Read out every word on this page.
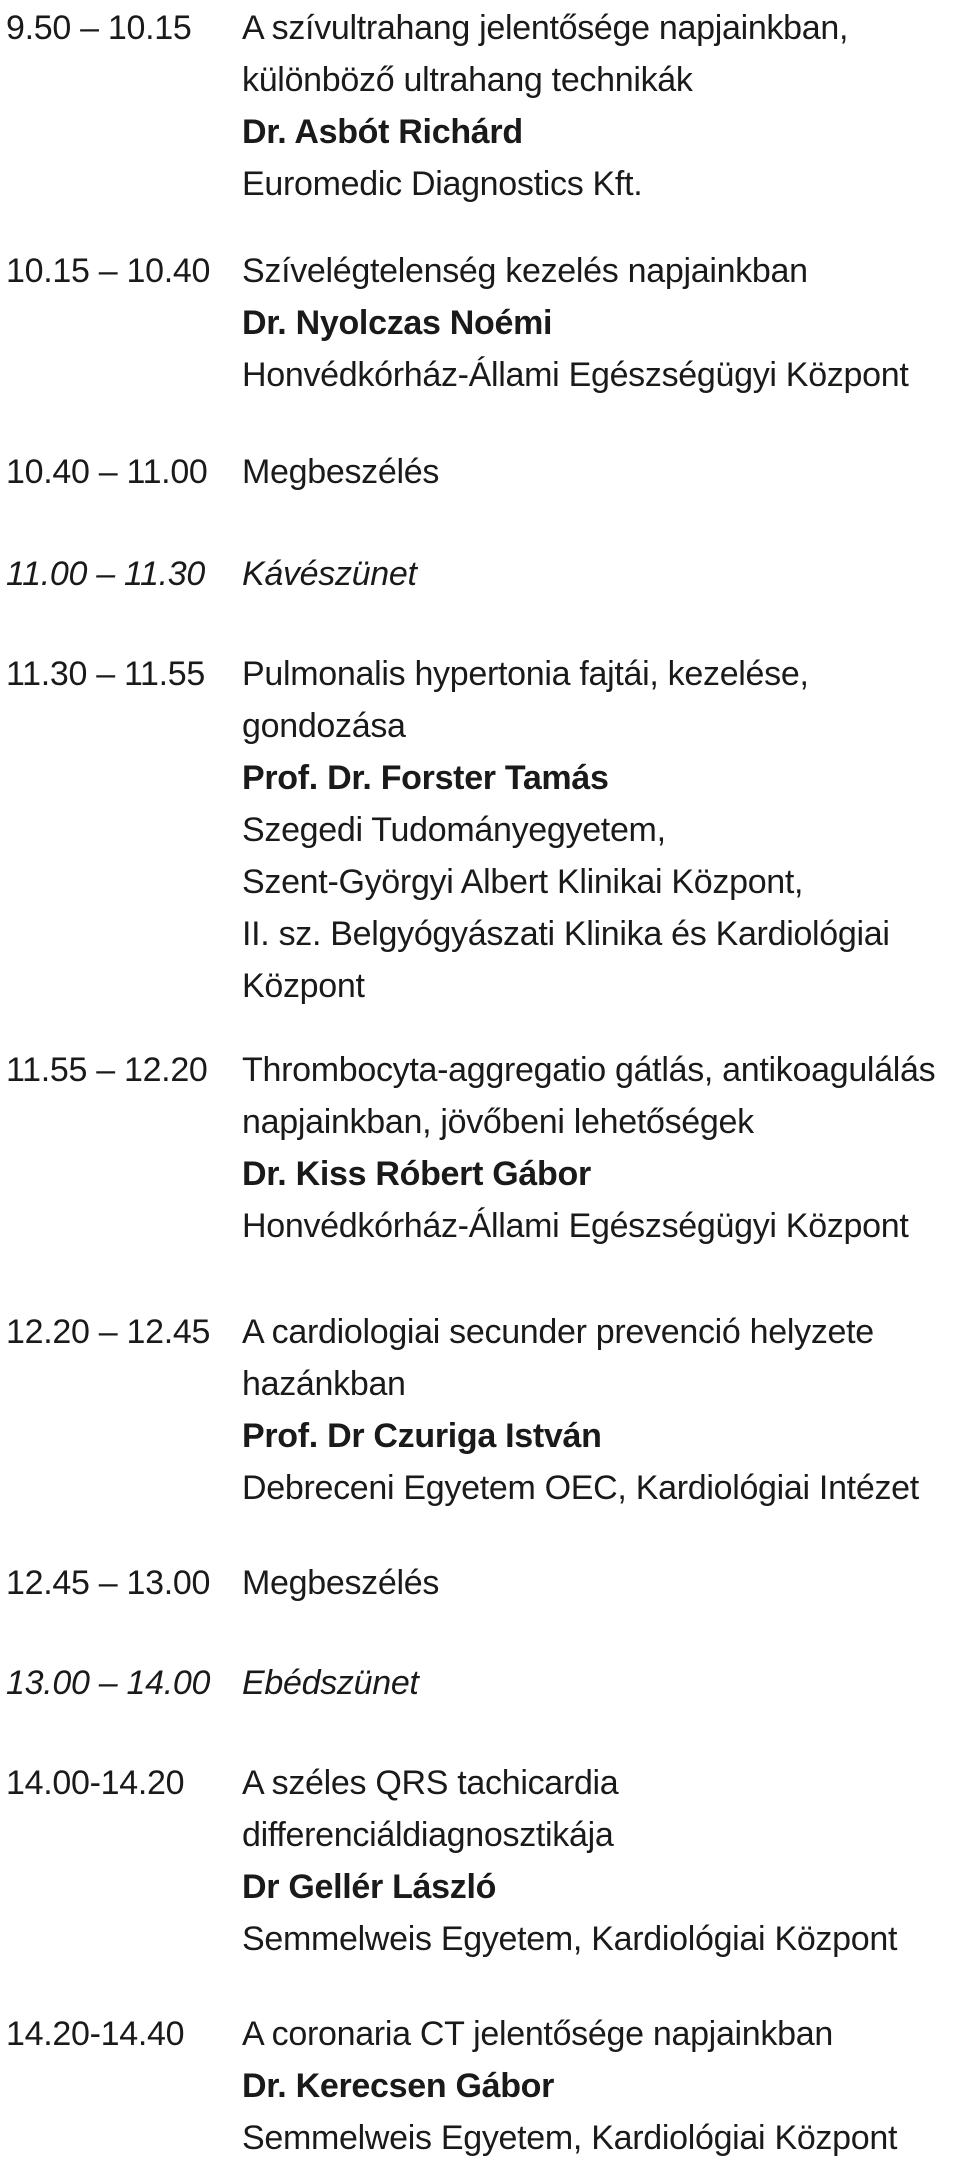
9.50 – 10.15	A szívultrahang jelentősége napjainkban,
különböző ultrahang technikák
Dr. Asbót Richárd
Euromedic Diagnostics Kft.
10.15 – 10.40 Szívelégtelenség kezelés napjainkban
Dr. Nyolczas Noémi
Honvédkórház-Állami Egészségügyi Központ
10.40 – 11.00	Megbeszélés
11.00 – 11.30	Kávészünet
11.30 – 11.55	Pulmonalis hypertonia fajtái, kezelése,
gondozása
Prof. Dr. Forster Tamás
Szegedi Tudományegyetem,
Szent-Györgyi Albert Klinikai Központ,
II. sz. Belgyógyászati Klinika és Kardiológiai
Központ
11.55 – 12.20	Thrombocyta-aggregatio gátlás, antikoagulálás
napjainkban, jövőbeni lehetőségek
Dr. Kiss Róbert Gábor
Honvédkórház-Állami Egészségügyi Központ
12.20 – 12.45 A cardiologiai secunder prevenció helyzete
hazánkban
Prof. Dr Czuriga István
Debreceni Egyetem OEC, Kardiológiai Intézet
12.45 – 13.00 Megbeszélés
13.00 – 14.00 Ebédszünet
14.00-14.20	A széles QRS tachicardia
differenciáldiagnosztikája
Dr Gellér László
Semmelweis Egyetem, Kardiológiai Központ
14.20-14.40	A coronaria CT jelentősége napjainkban
Dr. Kerecsen Gábor
Semmelweis Egyetem, Kardiológiai Központ
